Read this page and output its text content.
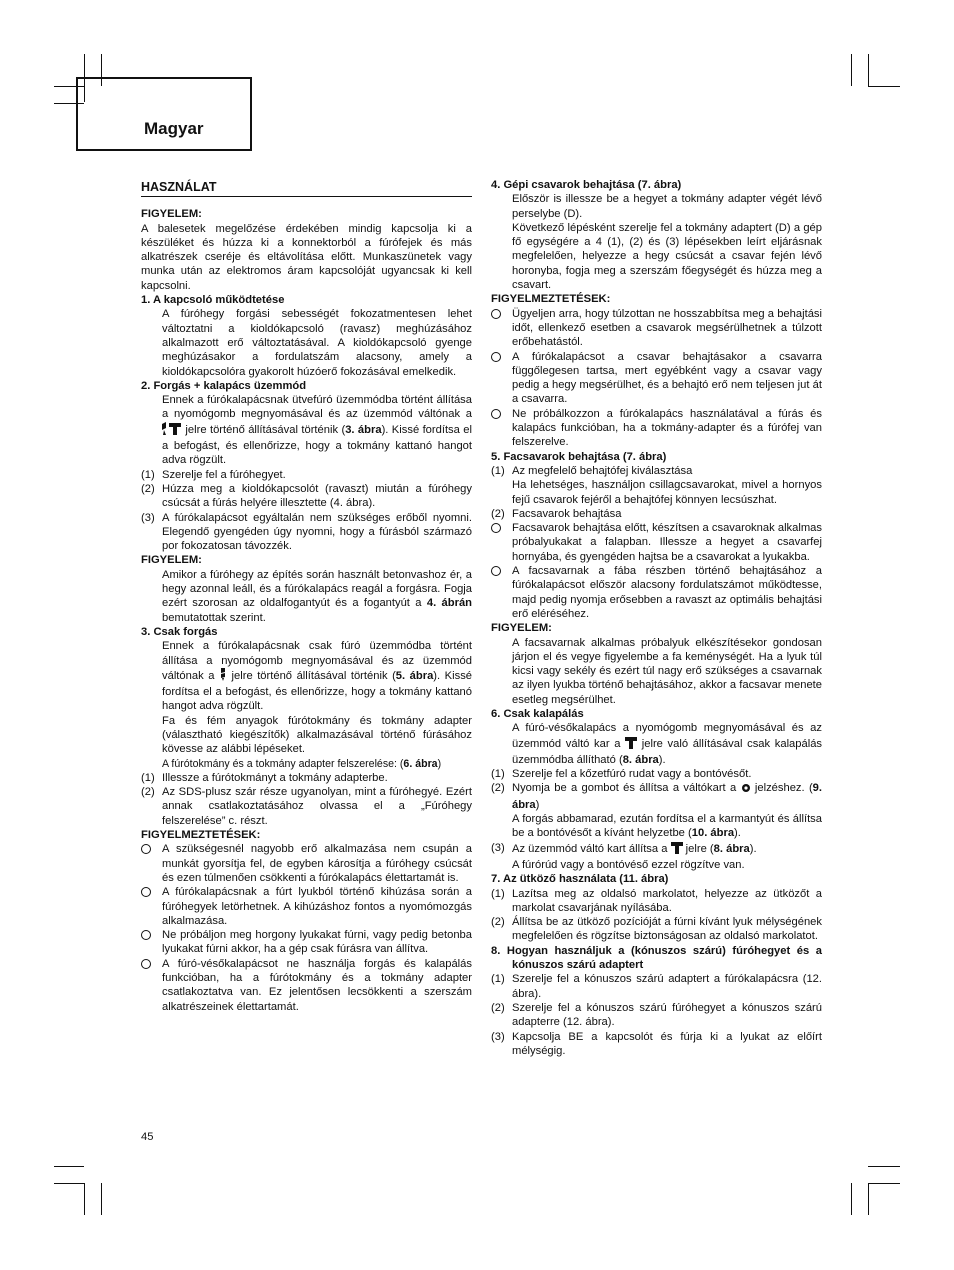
Magyar
HASZNÁLAT
FIGYELEM:
A balesetek megelőzése érdekében mindig kapcsolja ki a készüléket és húzza ki a konnektorból a fúrófejek és más alkatrészek cseréje és eltávolítása előtt. Munkaszünetek vagy munka után az elektromos áram kapcsolóját ugyancsak ki kell kapcsolni.
1. A kapcsoló működtetése
A fúróhegy forgási sebességét fokozatmentesen lehet változtatni a kioldókapcsoló (ravasz) meghúzásához alkalmazott erő változtatásával. A kioldókapcsoló gyenge meghúzásakor a fordulatszám alacsony, amely a kioldókapcsolóra gyakorolt húzóerő fokozásával emelkedik.
2. Forgás + kalapács üzemmód
Ennek a fúrókalapácsnak ütvefúró üzemmódba történt állítása a nyomógomb megnyomásával és az üzemmód váltónak a  jelre történő állításával történik (3. ábra). Kissé fordítsa el a befogást, és ellenőrizze, hogy a tokmány kattanó hangot adva rögzült.
(1) Szerelje fel a fúróhegyet.
(2) Húzza meg a kioldókapcsolót (ravaszt) miután a fúróhegy csúcsát a fúrás helyére illesztette (4. ábra).
(3) A fúrókalapácsot egyáltalán nem szükséges erőből nyomni. Elegendő gyengéden úgy nyomni, hogy a fúrásból származó por fokozatosan távozzék.
FIGYELEM:
Amikor a fúróhegy az építés során használt betonvashoz ér, a hegy azonnal leáll, és a fúrókalapács reagál a forgásra. Fogja ezért szorosan az oldalfogantyút és a fogantyút a 4. ábrán bemutatottak szerint.
3. Csak forgás
Ennek a fúrókalapácsnak csak fúró üzemmódba történt állítása a nyomógomb megnyomásával és az üzemmód váltónak a jelre történő állításával történik (5. ábra). Kissé fordítsa el a befogást, és ellenőrizze, hogy a tokmány kattanó hangot adva rögzült.
Fa és fém anyagok fúrótokmány és tokmány adapter (választható kiegészítők) alkalmazásával történő fúrásához kövesse az alábbi lépéseket.
A fúrótokmány és a tokmány adapter felszerelése: (6. ábra)
(1) Illessze a fúrótokmányt a tokmány adapterbe.
(2) Az SDS-plusz szár része ugyanolyan, mint a fúróhegyé. Ezért annak csatlakoztatásához olvassa el a „Fúróhegy felszerelése” c. részt.
FIGYELMEZTETÉSEK:
A szükségesnél nagyobb erő alkalmazása nem csupán a munkát gyorsítja fel, de egyben károsítja a fúróhegy csúcsát és ezen túlmenően csökkenti a fúrókalapács élettartamát is.
A fúrókalapácsnak a fúrt lyukból történő kihúzása során a fúróhegyek letörhetnek. A kihúzáshoz fontos a nyomómozgás alkalmazása.
Ne próbáljon meg horgony lyukakat fúrni, vagy pedig betonba lyukakat fúrni akkor, ha a gép csak fúrásra van állítva.
A fúró-vésőkalapácsot ne használja forgás és kalapálás funkcióban, ha a fúrótokmány és a tokmány adapter csatlakoztatva van. Ez jelentősen lecsökkenti a szerszám alkatrészeinek élettartamát.
4. Gépi csavarok behajtása (7. ábra)
Először is illessze be a hegyet a tokmány adapter végét lévő perselybe (D).
Következő lépésként szerelje fel a tokmány adaptert (D) a gép fő egységére a 4 (1), (2) és (3) lépésekben leírt eljárásnak megfelelően, helyezze a hegy csúcsát a csavar fején lévő horonyba, fogja meg a szerszám főegységét és húzza meg a csavart.
FIGYELMEZTETÉSEK:
Ügyeljen arra, hogy túlzottan ne hosszabbítsa meg a behajtási időt, ellenkező esetben a csavarok megsérülhetnek a túlzott erőbehatástól.
A fúrókalapácsot a csavar behajtásakor a csavarra függőlegesen tartsa, mert egyébként vagy a csavar vagy pedig a hegy megsérülhet, és a behajtó erő nem teljesen jut át a csavarra.
Ne próbálkozzon a fúrókalapács használatával a fúrás és kalapács funkcióban, ha a tokmány-adapter és a fúrófej van felszerelve.
5. Facsavarok behajtása (7. ábra)
(1) Az megfelelő behajtófej kiválasztása
Ha lehetséges, használjon csillagcsavarokat, mivel a hornyos fejű csavarok fejéről a behajtófej könnyen lecsúszhat.
(2) Facsavarok behajtása
Facsavarok behajtása előtt, készítsen a csavaroknak alkalmas próbalyukakat a falapban. Illessze a hegyet a csavarfej hornyába, és gyengéden hajtsa be a csavarokat a lyukakba.
A facsavarnak a fába részben történő behajtásához a fúrókalapácsot először alacsony fordulatszámot működtesse, majd pedig nyomja erősebben a ravaszt az optimális behajtási erő eléréséhez.
FIGYELEM:
A facsavarnak alkalmas próbalyuk elkészítésekor gondosan járjon el és vegye figyelembe a fa keménységét. Ha a lyuk túl kicsi vagy sekély és ezért túl nagy erő szükséges a csavarnak az ilyen lyukba történő behajtásához, akkor a facsavar menete esetleg megsérülhet.
6. Csak kalapálás
A fúró-vésőkalapács a nyomógomb megnyomásával és az üzemmód váltó kar a jelre való állításával csak kalapálás üzemmódba állítható (8. ábra).
(1) Szerelje fel a kőzetfúró rudat vagy a bontóvésőt.
(2) Nyomja be a gombot és állítsa a váltókart a jelzéshez. (9. ábra)
A forgás abbamarad, ezután fordítsa el a karmantyút és állítsa be a bontóvésőt a kívánt helyzetbe (10. ábra).
(3) Az üzemmód váltó kart állítsa a jelre (8. ábra).
A fúrórúd vagy a bontóvéső ezzel rögzítve van.
7. Az ütköző használata (11. ábra)
(1) Lazítsa meg az oldalsó markolatot, helyezze az ütközőt a markolat csavarjának nyílásába.
(2) Állítsa be az ütköző pozícióját a fúrni kívánt lyuk mélységének megfelelően és rögzítse biztonságosan az oldalsó markolatot.
8. Hogyan használjuk a (kónuszos szárú) fúróhegyet és a kónuszos szárú adaptert
(1) Szerelje fel a kónuszos szárú adaptert a fúrókalapácsra (12. ábra).
(2) Szerelje fel a kónuszos szárú fúróhegyet a kónuszos szárú adapterre (12. ábra).
(3) Kapcsolja BE a kapcsolót és fúrja ki a lyukat az előírt mélységig.
45
